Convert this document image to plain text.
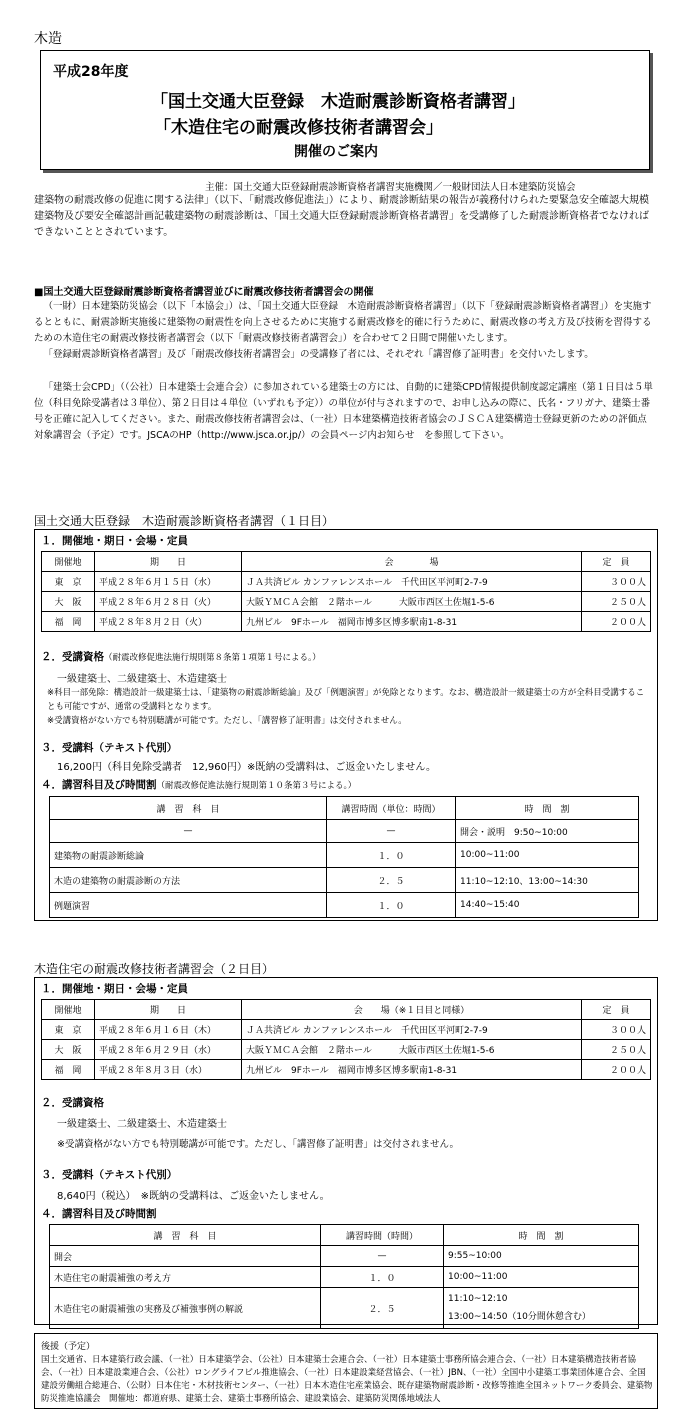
木造
平成28年度
「国土交通大臣登録　木造耐震診断資格者講習」
「木造住宅の耐震改修技術者講習会」
開催のご案内
主催：国土交通大臣登録耐震診断資格者講習実施機関／一般財団法人日本建築防災協会
建築物の耐震改修の促進に関する法律」（以下、「耐震改修促進法」）により、耐震診断結果の報告が義務付けられた要緊急安全確認大規模建築物及び要安全確認計画記載建築物の耐震診断は、「国土交通大臣登録耐震診断資格者講習」を受講修了した耐震診断資格者でなければできないこととされています。
■国土交通大臣登録耐震診断資格者講習並びに耐震改修技術者講習会の開催
（一財）日本建築防災協会（以下「本協会」）は、「国土交通大臣登録　木造耐震診断資格者講習」（以下「登録耐震診断資格者講習」）を実施するとともに、耐震診断実施後に建築物の耐震性を向上させるために実施する耐震改修を的確に行うために、耐震改修の考え方及び技術を習得するための木造住宅の耐震改修技術者講習会（以下「耐震改修技術者講習会」）を合わせて２日間で開催いたします。
「登録耐震診断資格者講習」及び「耐震改修技術者講習会」の受講修了者には、それぞれ「講習修了証明書」を交付いたします。
「建築士会CPD」（（公社）日本建築士会連合会）に参加されている建築士の方には、自動的に建築CPD情報提供制度認定講座（第１日目は５単位（科目免除受講者は３単位）、第２日目は４単位（いずれも予定））の単位が付与されますので、お申し込みの際に、氏名・フリガナ、建築士番号を正確に記入してください。また、耐震改修技術者講習会は、（一社）日本建築構造技術者協会のＪＳＣＡ建築構造士登録更新のための評価点対象講習会（予定）です。JSCAのHP（http://www.jsca.or.jp/）の会員ページ内お知らせ　を参照して下さい。
国土交通大臣登録　木造耐震診断資格者講習（１日目）
１．開催地・期日・会場・定員
開催地	期　　日	会　　　　場	定　員
東　京	平成２８年６月１５日（水）	ＪＡ共済ビル カンファレンスホール　千代田区平河町2-7-9	３００人
大　阪	平成２８年６月２８日（火）	大阪ＹＭＣＡ会館　２階ホール　　　大阪市西区土佐堀1-5-6	２５０人
福　岡	平成２８年８月２日（火）	九州ビル　9Fホール　福岡市博多区博多駅南1-8-31	２００人
２．受講資格（耐震改修促進法施行規則第８条第１項第１号による。）
一級建築士、二級建築士、木造建築士
※科目一部免除：構造設計一級建築士は、「建築物の耐震診断総論」及び「例題演習」が免除となります。なお、構造設計一級建築士の方が全科目受講することも可能ですが、通常の受講料となります。
※受講資格がない方でも特別聴講が可能です。ただし、「講習修了証明書」は交付されません。
３．受講料（テキスト代別）
16,200円（科目免除受講者　12,960円）※既納の受講料は、ご返金いたしません。
４．講習科目及び時間割（耐震改修促進法施行規則第１０条第３号による。）
講　習　科　目	講習時間（単位：時間）	時　間　割
—	—	開会・説明　9:50~10:00
建築物の耐震診断総論	１．０	10:00~11:00
木造の建築物の耐震診断の方法	２．５	11:10~12:10、13:00~14:30
例題演習	１．０	14:40~15:40
木造住宅の耐震改修技術者講習会（２日目）
１．開催地・期日・会場・定員
開催地	期　　日	会　　場（※１日目と同様）	定　員
東　京	平成２８年６月１６日（木）	ＪＡ共済ビル カンファレンスホール　千代田区平河町2-7-9	３００人
大　阪	平成２８年６月２９日（水）	大阪ＹＭＣＡ会館　２階ホール　　　大阪市西区土佐堀1-5-6	２５０人
福　岡	平成２８年８月３日（水）	九州ビル　9Fホール　福岡市博多区博多駅南1-8-31	２００人
２．受講資格
一級建築士、二級建築士、木造建築士
※受講資格がない方でも特別聴講が可能です。ただし、「講習修了証明書」は交付されません。
３．受講料（テキスト代別）
8,640円（税込）　※既納の受講料は、ご返金いたしません。
４．講習科目及び時間割
講　習　科　目	講習時間（時間）	時　間　割
開会	—	9:55~10:00
木造住宅の耐震補強の考え方	１．０	10:00~11:00
木造住宅の耐震補強の実務及び補強事例の解説	２．５	11:10~12:10
13:00~14:50（10分間休憩含む）
後援（予定）
国土交通省、日本建築行政会議、（一社）日本建築学会、（公社）日本建築士会連合会、（一社）日本建築士事務所協会連合会、（一社）日本建築構造技術者協会、（一社）日本建設業連合会、（公社）ロングライフビル推進協会、（一社）日本建設業経営協会、（一社）JBN、（一社）全国中小建築工事業団体連合会、全国建設労働組合総連合、（公財）日本住宅・木材技術センター、（一社）日本木造住宅産業協会、既存建築物耐震診断・改修等推進全国ネットワーク委員会、建築物防災推進協議会　開催地：都道府県、建築士会、建築士事務所協会、建設業協会、建築防災関係地域法人
